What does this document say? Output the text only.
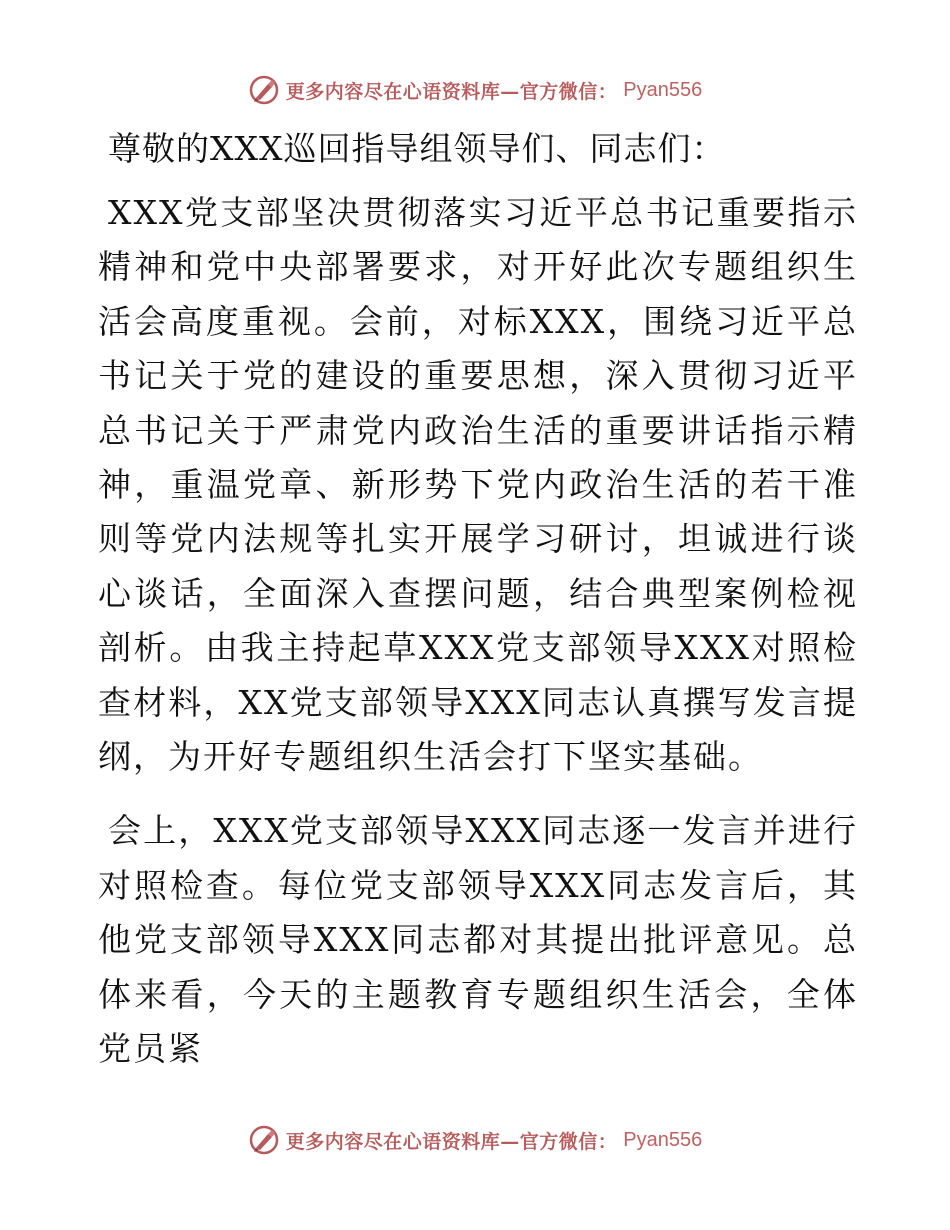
更多内容尽在心语资料库—官方微信： Pyan556
尊敬的XXX巡回指导组领导们、同志们：

XXX党支部坚决贯彻落实习近平总书记重要指示精神和党中央部署要求，对开好此次专题组织生活会高度重视。会前，对标XXX，围绕习近平总书记关于党的建设的重要思想，深入贯彻习近平总书记关于严肃党内政治生活的重要讲话指示精神，重温党章、新形势下党内政治生活的若干准则等党内法规等扎实开展学习研讨，坦诚进行谈心谈话，全面深入查摆问题，结合典型案例检视剖析。由我主持起草XXX党支部领导XXX对照检查材料，XX党支部领导XXX同志认真撰写发言提纲，为开好专题组织生活会打下坚实基础。

会上，XXX党支部领导XXX同志逐一发言并进行对照检查。每位党支部领导XXX同志发言后，其他党支部领导XXX同志都对其提出批评意见。总体来看，今天的主题教育专题组织生活会，全体党员紧

更多内容尽在心语资料库—官方微信： Pyan556
